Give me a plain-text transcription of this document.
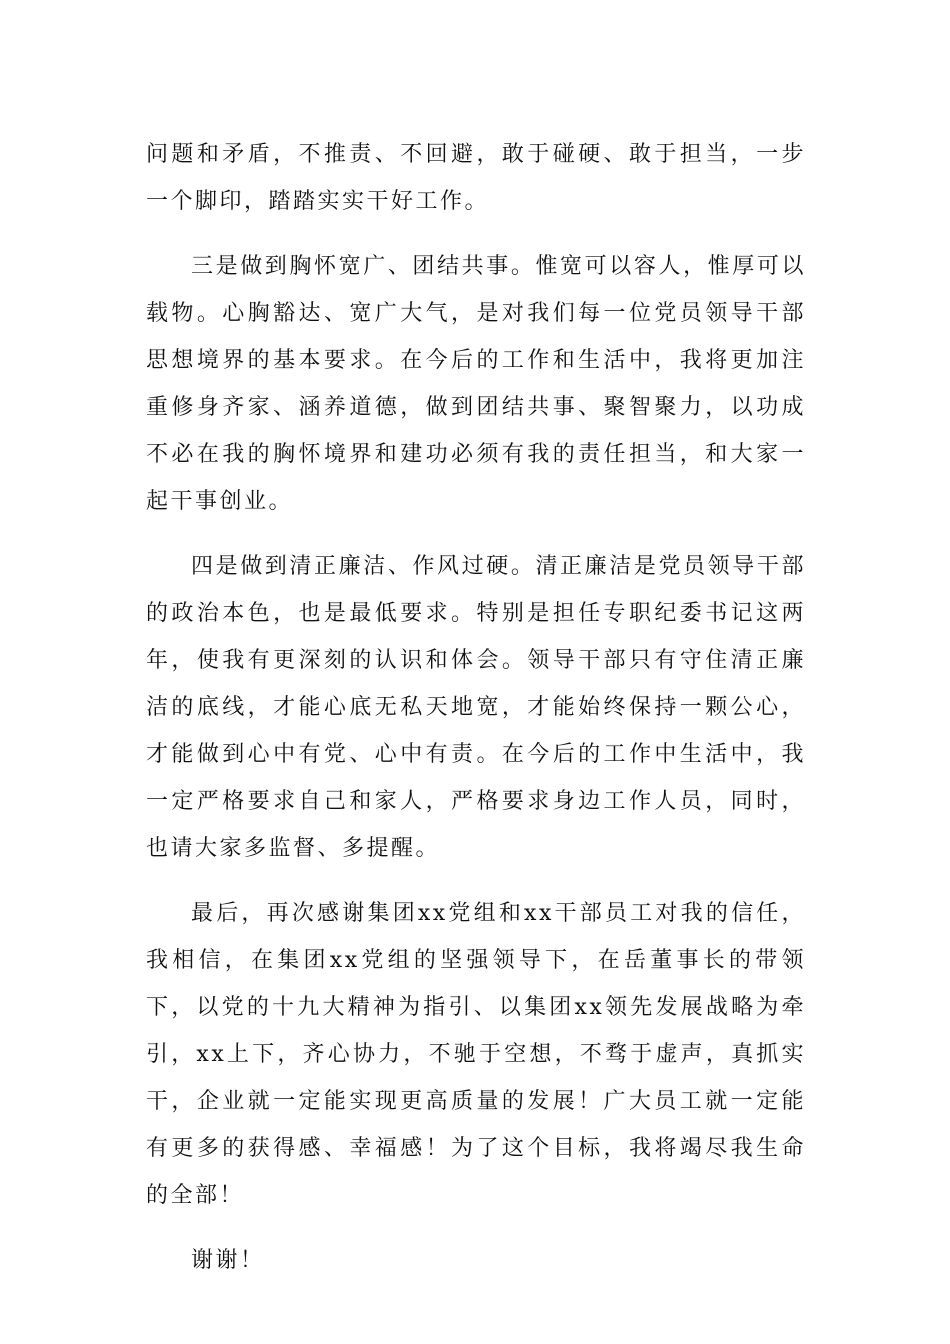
问题和矛盾，不推责、不回避，敢于碰硬、敢于担当，一步一个脚印，踏踏实实干好工作。

三是做到胸怀宽广、团结共事。惟宽可以容人，惟厚可以载物。心胸豁达、宽广大气，是对我们每一位党员领导干部思想境界的基本要求。在今后的工作和生活中，我将更加注重修身齐家、涵养道德，做到团结共事、聚智聚力，以功成不必在我的胸怀境界和建功必须有我的责任担当，和大家一起干事创业。

四是做到清正廉洁、作风过硬。清正廉洁是党员领导干部的政治本色，也是最低要求。特别是担任专职纪委书记这两年，使我有更深刻的认识和体会。领导干部只有守住清正廉洁的底线，才能心底无私天地宽，才能始终保持一颗公心，才能做到心中有党、心中有责。在今后的工作中生活中，我一定严格要求自己和家人，严格要求身边工作人员，同时，也请大家多监督、多提醒。

最后，再次感谢集团xx党组和xx干部员工对我的信任，我相信，在集团xx党组的坚强领导下，在岳董事长的带领下，以党的十九大精神为指引、以集团xx领先发展战略为牵引，xx上下，齐心协力，不驰于空想，不骛于虚声，真抓实干，企业就一定能实现更高质量的发展！广大员工就一定能有更多的获得感、幸福感！为了这个目标，我将竭尽我生命的全部！

谢谢！
